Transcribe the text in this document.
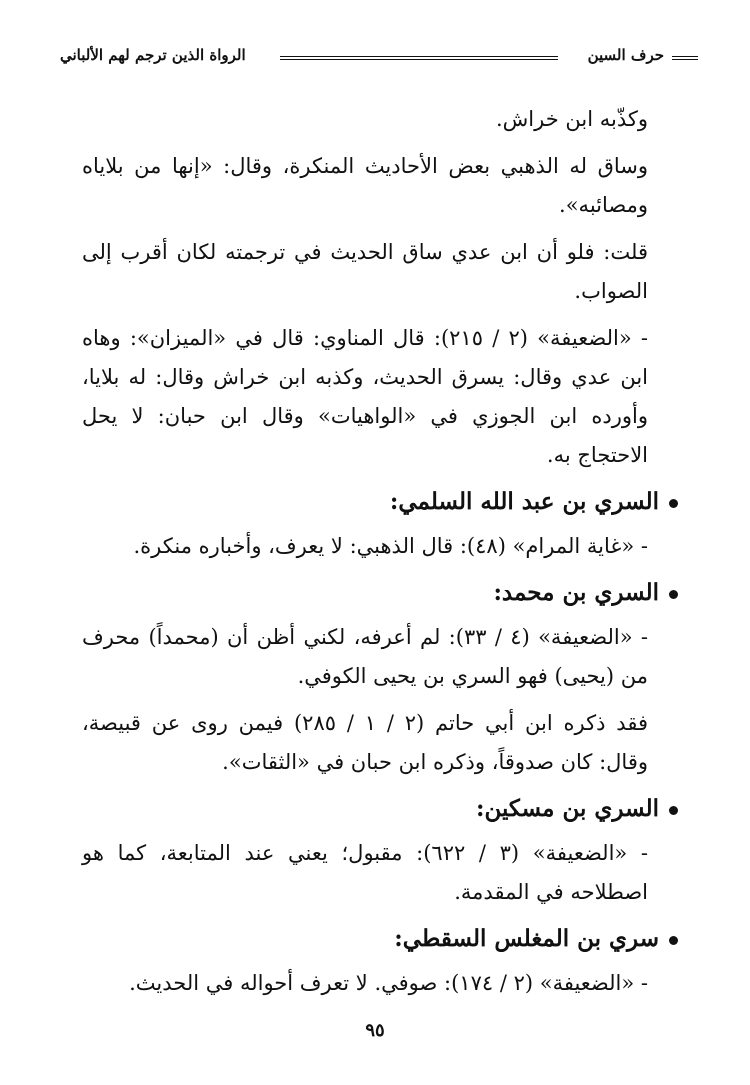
حرف السين
الرواة الذين ترجم لهم الألباني

وكذّبه ابن خراش.

وساق له الذهبي بعض الأحاديث المنكرة، وقال: «إنها من بلاياه ومصائبه».

قلت: فلو أن ابن عدي ساق الحديث في ترجمته لكان أقرب إلى الصواب.

- «الضعيفة» (٢ / ٢١٥): قال المناوي: قال في «الميزان»: وهاه ابن عدي وقال: يسرق الحديث، وكذبه ابن خراش وقال: له بلايا، وأورده ابن الجوزي في «الواهيات» وقال ابن حبان: لا يحل الاحتجاج به.

السري بن عبد الله السلمي:

- «غاية المرام» (٤٨): قال الذهبي: لا يعرف، وأخباره منكرة.

السري بن محمد:

- «الضعيفة» (٤ / ٣٣): لم أعرفه، لكني أظن أن (محمداً) محرف من (يحيى) فهو السري بن يحيى الكوفي.

فقد ذكره ابن أبي حاتم (٢ / ١ / ٢٨٥) فيمن روى عن قبيصة، وقال: كان صدوقاً، وذكره ابن حبان في «الثقات».

السري بن مسكين:

- «الضعيفة» (٣ / ٦٢٢): مقبول؛ يعني عند المتابعة، كما هو اصطلاحه في المقدمة.

سري بن المغلس السقطي:

- «الضعيفة» (٢ / ١٧٤): صوفي. لا تعرف أحواله في الحديث.

٩٥
